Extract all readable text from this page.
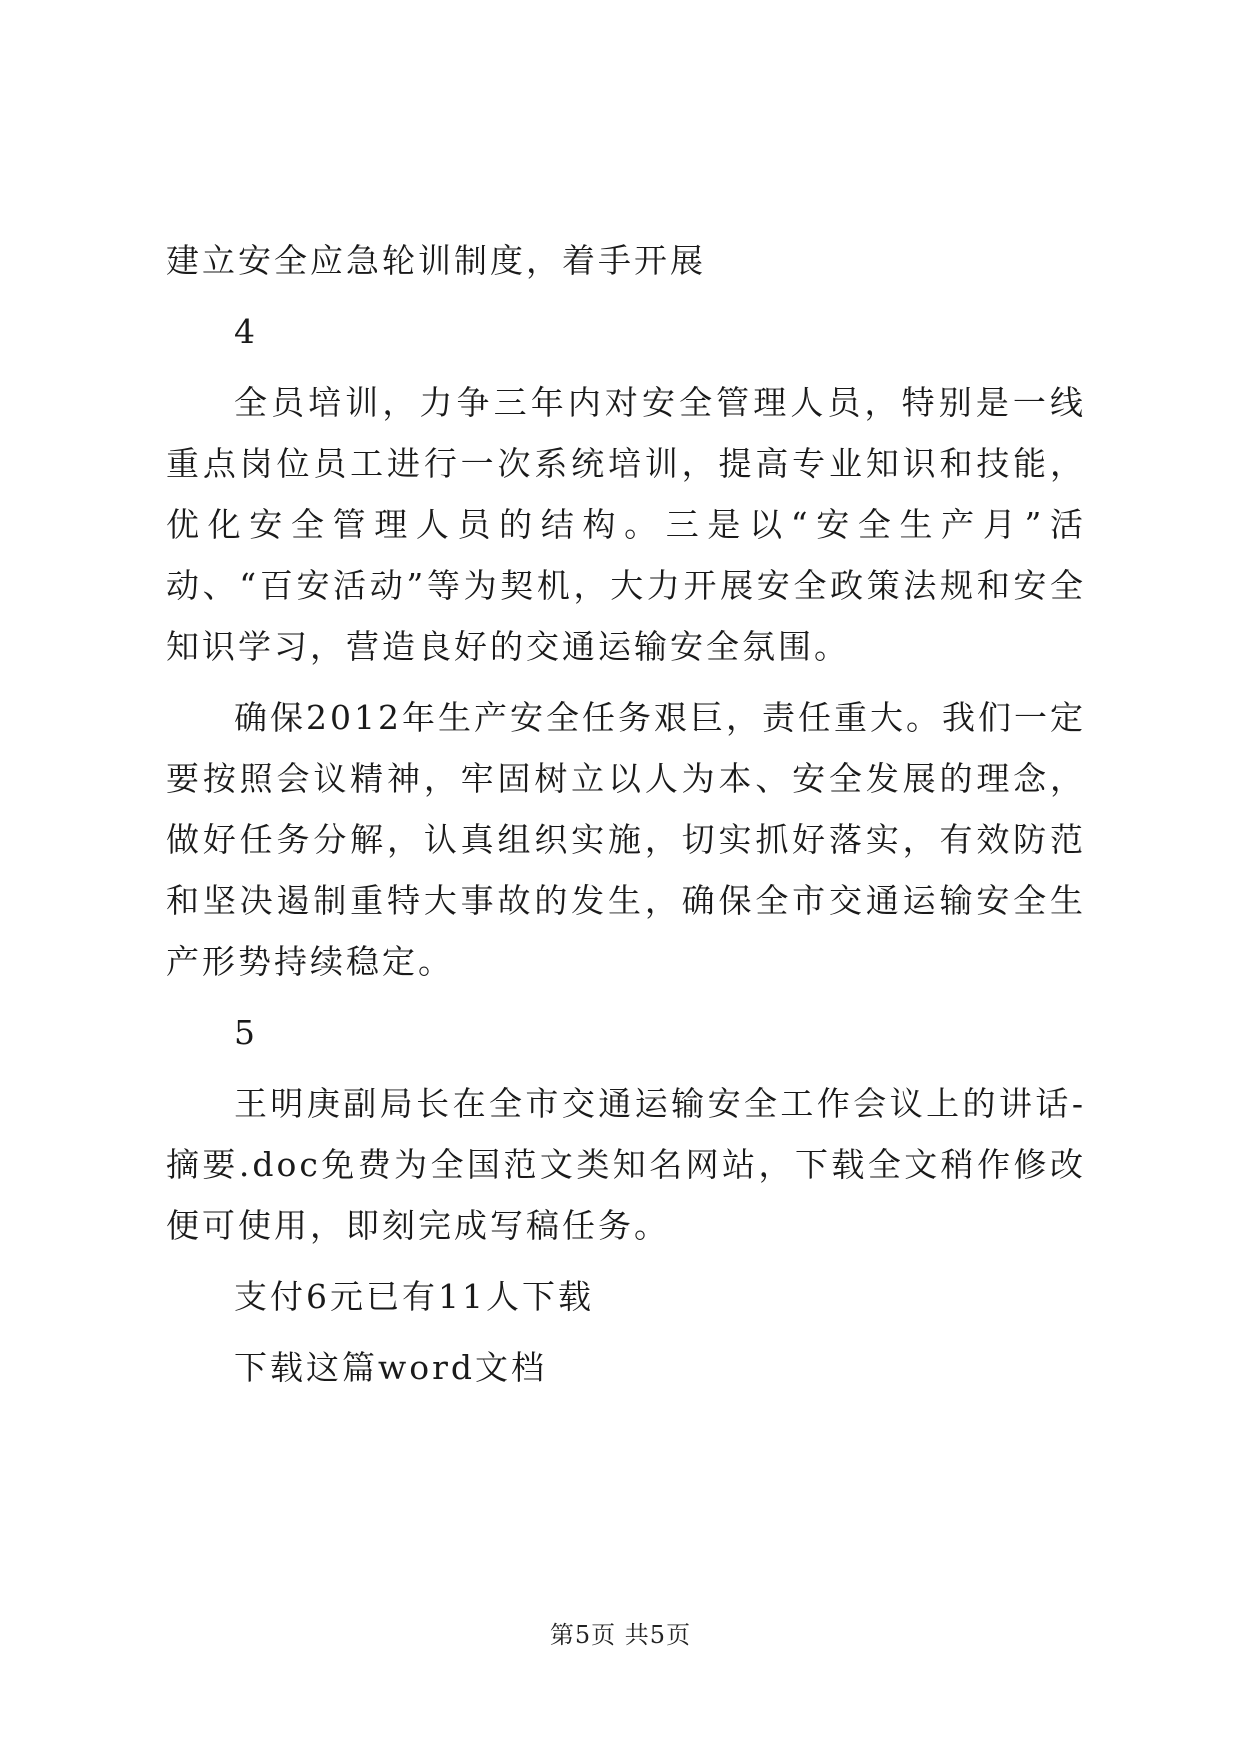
建立安全应急轮训制度，着手开展

4

全员培训，力争三年内对安全管理人员，特别是一线重点岗位员工进行一次系统培训，提高专业知识和技能，优化安全管理人员的结构。三是以“安全生产月”活动、“百安活动”等为契机，大力开展安全政策法规和安全知识学习，营造良好的交通运输安全氛围。

确保2012年生产安全任务艰巨，责任重大。我们一定要按照会议精神，牢固树立以人为本、安全发展的理念，做好任务分解，认真组织实施，切实抓好落实，有效防范和坚决遏制重特大事故的发生，确保全市交通运输安全生产形势持续稳定。

5

王明庚副局长在全市交通运输安全工作会议上的讲话-摘要.doc免费为全国范文类知名网站，下载全文稍作修改便可使用，即刻完成写稿任务。

支付6元已有11人下载

下载这篇word文档

第5页 共5页
